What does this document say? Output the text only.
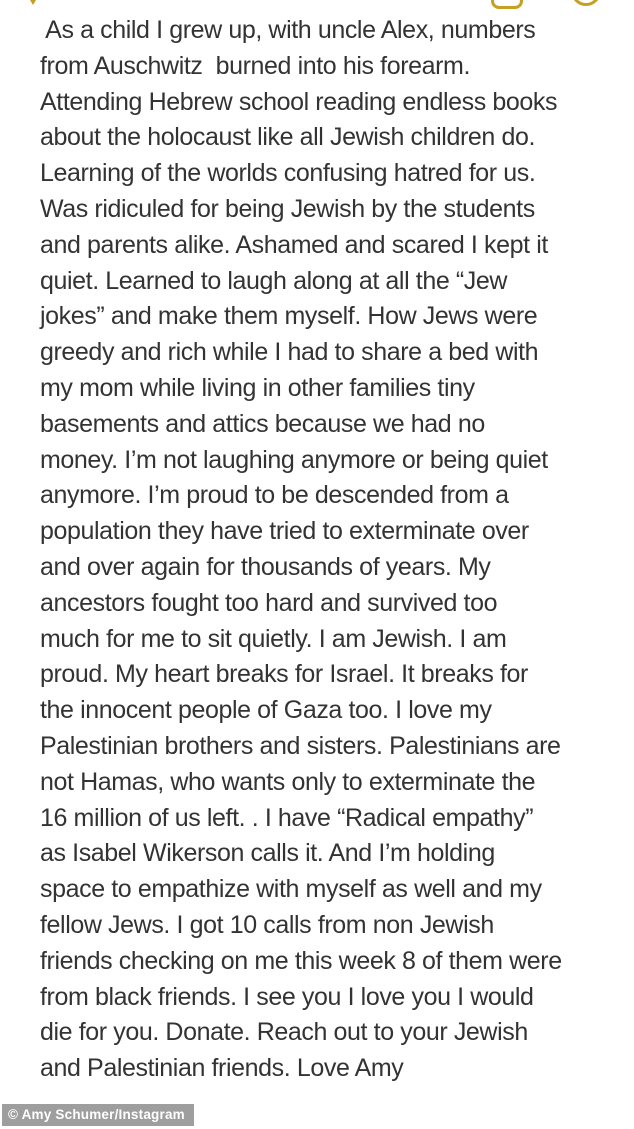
As a child I grew up, with uncle Alex, numbers
from Auschwitz  burned into his forearm.
Attending Hebrew school reading endless books
about the holocaust like all Jewish children do.
Learning of the worlds confusing hatred for us.
Was ridiculed for being Jewish by the students
and parents alike. Ashamed and scared I kept it
quiet. Learned to laugh along at all the “Jew
jokes” and make them myself. How Jews were
greedy and rich while I had to share a bed with
my mom while living in other families tiny
basements and attics because we had no
money. I’m not laughing anymore or being quiet
anymore. I’m proud to be descended from a
population they have tried to exterminate over
and over again for thousands of years. My
ancestors fought too hard and survived too
much for me to sit quietly. I am Jewish. I am
proud. My heart breaks for Israel. It breaks for
the innocent people of Gaza too. I love my
Palestinian brothers and sisters. Palestinians are
not Hamas, who wants only to exterminate the
16 million of us left. . I have “Radical empathy”
as Isabel Wikerson calls it. And I’m holding
space to empathize with myself as well and my
fellow Jews. I got 10 calls from non Jewish
friends checking on me this week 8 of them were
from black friends. I see you I love you I would
die for you. Donate. Reach out to your Jewish
and Palestinian friends. Love Amy
© Amy Schumer/Instagram
